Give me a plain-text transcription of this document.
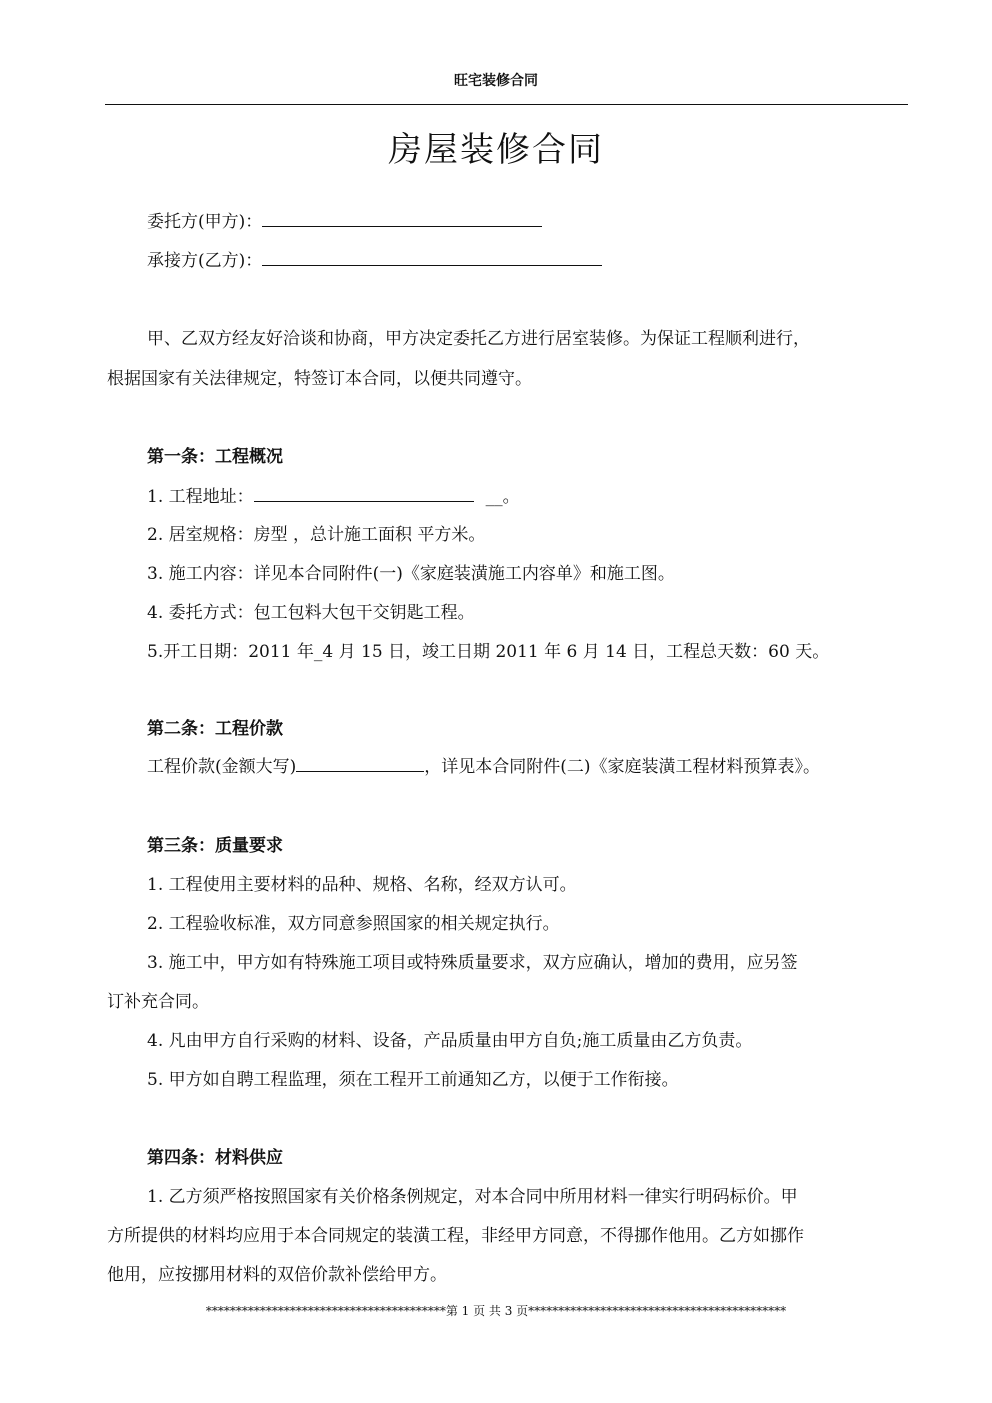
旺宅装修合同
房屋装修合同
委托方(甲方)：
承接方(乙方)：
甲、乙双方经友好洽谈和协商，甲方决定委托乙方进行居室装修。为保证工程顺利进行，
根据国家有关法律规定，特签订本合同，以便共同遵守。
第一条：工程概况
1. 工程地址：	__。
2. 居室规格：房型 ，总计施工面积 平方米。
3. 施工内容：详见本合同附件(一)《家庭装潢施工内容单》和施工图。
4. 委托方式：包工包料大包干交钥匙工程。
5.开工日期：2011 年_4 月 15 日，竣工日期 2011 年 6 月 14 日，工程总天数：60 天。
第二条：工程价款
工程价款(金额大写)	，详见本合同附件(二)《家庭装潢工程材料预算表》。
第三条：质量要求
1. 工程使用主要材料的品种、规格、名称，经双方认可。
2. 工程验收标准，双方同意参照国家的相关规定执行。
3. 施工中，甲方如有特殊施工项目或特殊质量要求，双方应确认，增加的费用，应另签
订补充合同。
4. 凡由甲方自行采购的材料、设备，产品质量由甲方自负;施工质量由乙方负责。
5. 甲方如自聘工程监理，须在工程开工前通知乙方，以便于工作衔接。
第四条：材料供应
1. 乙方须严格按照国家有关价格条例规定，对本合同中所用材料一律实行明码标价。甲
方所提供的材料均应用于本合同规定的装潢工程，非经甲方同意，不得挪作他用。乙方如挪作
他用，应按挪用材料的双倍价款补偿给甲方。
****************************************第 1 页 共 3 页*******************************************
